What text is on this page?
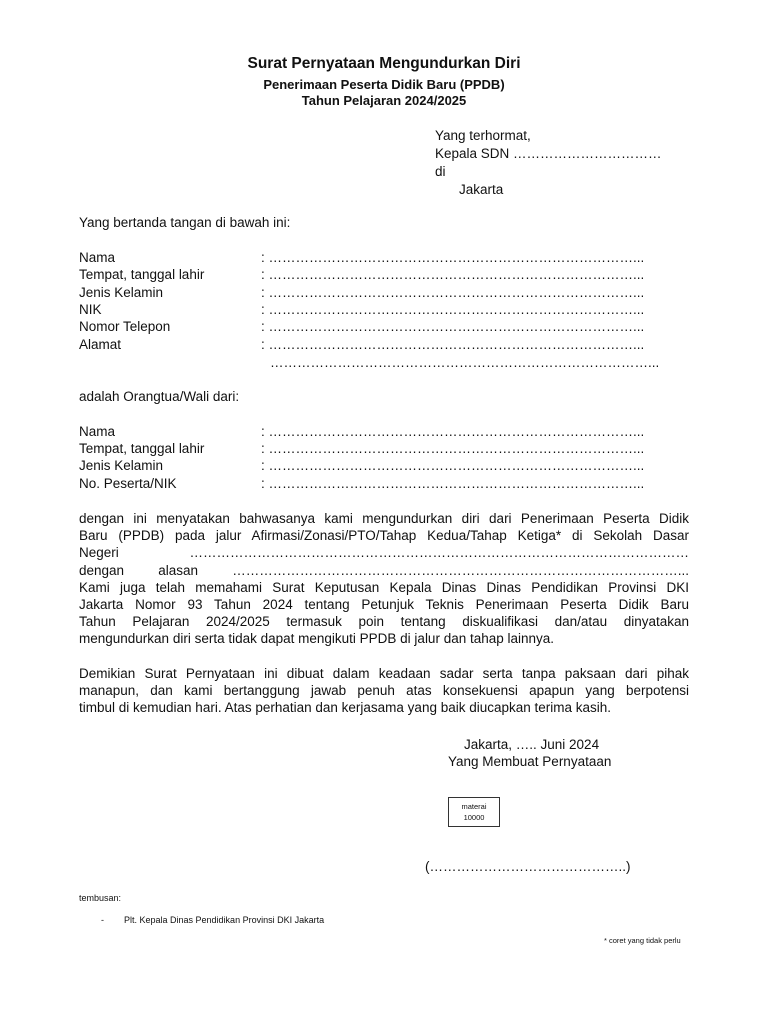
Surat Pernyataan Mengundurkan Diri
Penerimaan Peserta Didik Baru (PPDB)
Tahun Pelajaran 2024/2025
Yang terhormat,
Kepala SDN ……………………………
di
Jakarta
Yang bertanda tangan di bawah ini:
Nama	: ………………………………………………………………………...
Tempat, tanggal lahir	: ………………………………………………………………………...
Jenis Kelamin	: ………………………………………………………………………...
NIK	: ………………………………………………………………………...
Nomor Telepon	: ………………………………………………………………………...
Alamat	: ………………………………………………………………………...
…………………………………………………………………………...
adalah Orangtua/Wali dari:
Nama	: ………………………………………………………………………...
Tempat, tanggal lahir	: ………………………………………………………………………...
Jenis Kelamin	: ………………………………………………………………………...
No. Peserta/NIK	: ………………………………………………………………………...
dengan ini menyatakan bahwasanya kami mengundurkan diri dari Penerimaan Peserta Didik
Baru (PPDB) pada jalur Afirmasi/Zonasi/PTO/Tahap Kedua/Tahap Ketiga* di Sekolah Dasar
Negeri …………………………………………………………………………………………………
dengan alasan ………………………………………………………………………………………...
Kami juga telah memahami Surat Keputusan Kepala Dinas Dinas Pendidikan Provinsi DKI
Jakarta Nomor 93 Tahun 2024 tentang Petunjuk Teknis Penerimaan Peserta Didik Baru
Tahun Pelajaran 2024/2025 termasuk poin tentang diskualifikasi dan/atau dinyatakan
mengundurkan diri serta tidak dapat mengikuti PPDB di jalur dan tahap lainnya.
Demikian Surat Pernyataan ini dibuat dalam keadaan sadar serta tanpa paksaan dari pihak
manapun, dan kami bertanggung jawab penuh atas konsekuensi apapun yang berpotensi
timbul di kemudian hari. Atas perhatian dan kerjasama yang baik diucapkan terima kasih.
Jakarta, ….. Juni 2024
Yang Membuat Pernyataan
materai
10000
(……………………………………..)
tembusan:
- Plt. Kepala Dinas Pendidikan Provinsi DKI Jakarta
* coret yang tidak perlu
